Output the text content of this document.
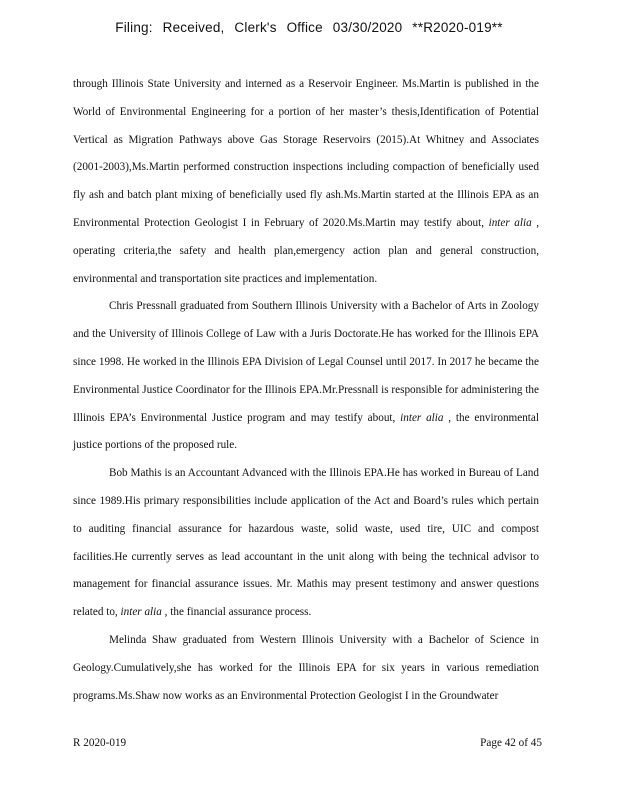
Filing: Received, Clerk's Office 03/30/2020 **R2020-019**

through Illinois State University and interned as a Reservoir Engineer. Ms.Martin is published in the World of Environmental Engineering for a portion of her master’s thesis,Identification of Potential Vertical as Migration Pathways above Gas Storage Reservoirs (2015).At Whitney and Associates (2001-2003),Ms.Martin performed construction inspections including compaction of beneficially used fly ash and batch plant mixing of beneficially used fly ash.Ms.Martin started at the Illinois EPA as an Environmental Protection Geologist I in February of 2020.Ms.Martin may testify about, inter alia , operating criteria,the safety and health plan,emergency action plan and general construction, environmental and transportation site practices and implementation.

Chris Pressnall graduated from Southern Illinois University with a Bachelor of Arts in Zoology and the University of Illinois College of Law with a Juris Doctorate.He has worked for the Illinois EPA since 1998. He worked in the Illinois EPA Division of Legal Counsel until 2017. In 2017 he became the Environmental Justice Coordinator for the Illinois EPA.Mr.Pressnall is responsible for administering the Illinois EPA’s Environmental Justice program and may testify about, inter alia , the environmental justice portions of the proposed rule.

Bob Mathis is an Accountant Advanced with the Illinois EPA.He has worked in Bureau of Land since 1989.His primary responsibilities include application of the Act and Board’s rules which pertain to auditing financial assurance for hazardous waste, solid waste, used tire, UIC and compost facilities.He currently serves as lead accountant in the unit along with being the technical advisor to management for financial assurance issues. Mr. Mathis may present testimony and answer questions related to, inter alia , the financial assurance process.

Melinda Shaw graduated from Western Illinois University with a Bachelor of Science in Geology.Cumulatively,she has worked for the Illinois EPA for six years in various remediation programs.Ms.Shaw now works as an Environmental Protection Geologist I in the Groundwater

R 2020-019	Page 42 of 45
